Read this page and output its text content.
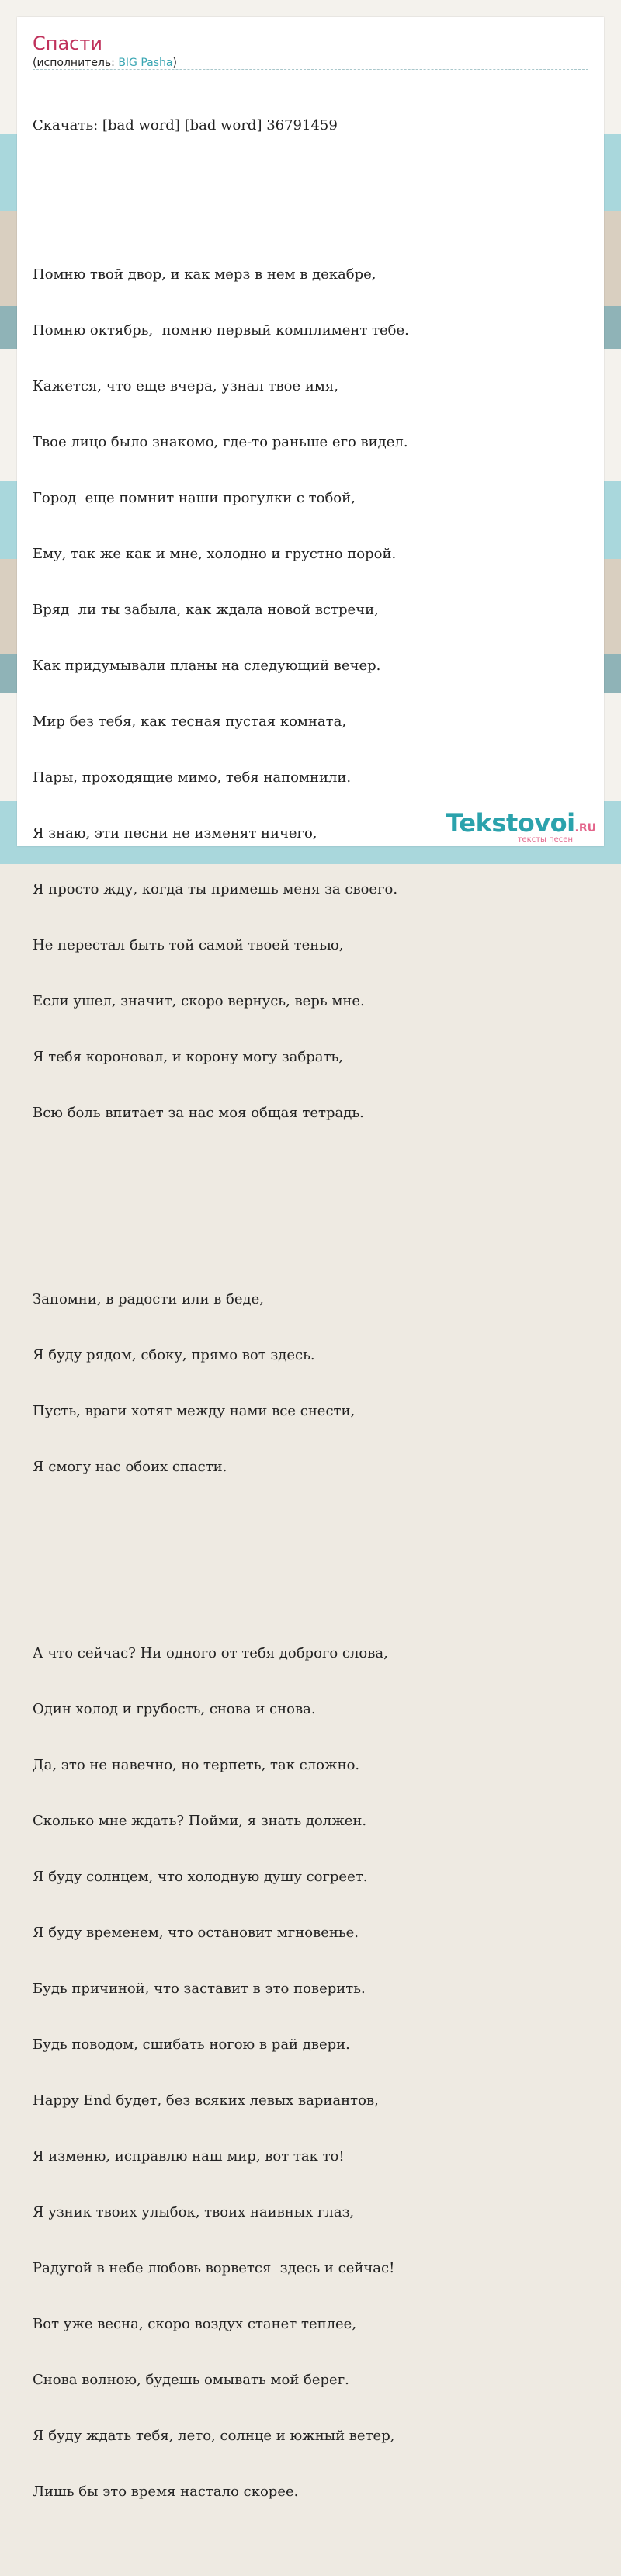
Спасти
(исполнитель: BIG Pasha)

Скачать: [bad word] [bad word] 36791459

Помню твой двор, и как мерз в нем в декабре,

Помню октябрь,  помню первый комплимент тебе.

Кажется, что еще вчера, узнал твое имя,

Твое лицо было знакомо, где-то раньше его видел.

Город  еще помнит наши прогулки с тобой,

Ему, так же как и мне, холодно и грустно порой.

Вряд  ли ты забыла, как ждала новой встречи,

Как придумывали планы на следующий вечер.

Мир без тебя, как тесная пустая комната,

Пары, проходящие мимо, тебя напомнили.

Я знаю, эти песни не изменят ничего,

Я просто жду, когда ты примешь меня за своего.

Не перестал быть той самой твоей тенью,

Если ушел, значит, скоро вернусь, верь мне.

Я тебя короновал, и корону могу забрать,

Всю боль впитает за нас моя общая тетрадь.

Запомни, в радости или в беде,

Я буду рядом, сбоку, прямо вот здесь.

Пусть, враги хотят между нами все снести,

Я смогу нас обоих спасти.

А что сейчас? Ни одного от тебя доброго слова,

Один холод и грубость, снова и снова.

Да, это не навечно, но терпеть, так сложно.

Сколько мне ждать? Пойми, я знать должен.

Я буду солнцем, что холодную душу согреет.

Я буду временем, что остановит мгновенье.

Будь причиной, что заставит в это поверить.

Будь поводом, сшибать ногою в рай двери.

Happy End будет, без всяких левых вариантов,

Я изменю, исправлю наш мир, вот так то!

Я узник твоих улыбок, твоих наивных глаз,

Радугой в небе любовь ворвется  здесь и сейчас!

Вот уже весна, скоро воздух станет теплее,

Снова волною, будешь омывать мой берег.

Я буду ждать тебя, лето, солнце и южный ветер,

Лишь бы это время настало скорее.

Tekstovoi.RU
тексты песен
